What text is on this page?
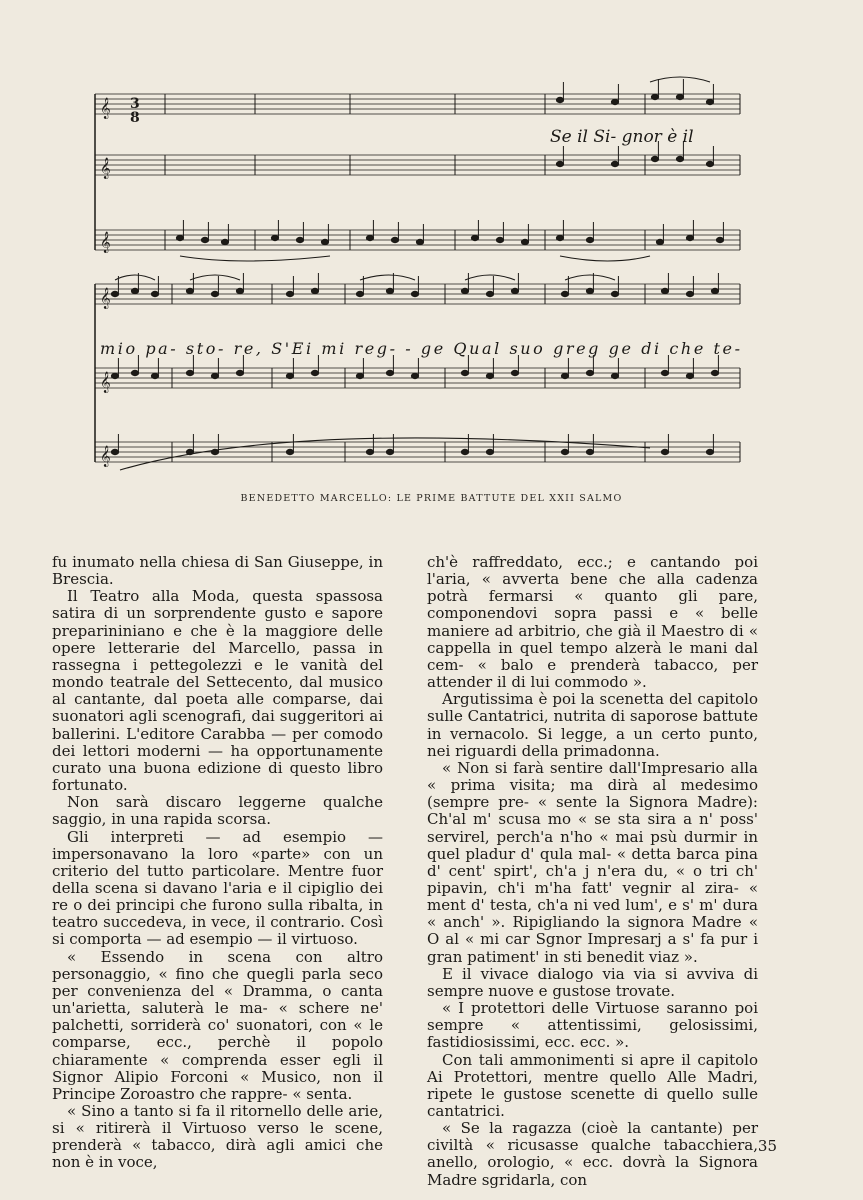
𝄞
𝄞
𝄞
𝄞
𝄞
𝄞
3
8
Se il Si- gnor è il
mio pa- sto- re, S'Ei mi reg- - ge Qual suo greg ge di che te-
BENEDETTO MARCELLO: LE PRIME BATTUTE DEL XXII SALMO

fu inumato nella chiesa di San Giuseppe, in Brescia.

Il Teatro alla Moda, questa spassosa satira di un sorprendente gusto e sapore preparininiano e che è la maggiore delle opere letterarie del Marcello, passa in rassegna i pettegolezzi e le vanità del mondo teatrale del Settecento, dal musico al cantante, dal poeta alle comparse, dai suonatori agli scenografi, dai suggeritori ai ballerini. L'editore Carabba — per comodo dei lettori moderni — ha opportunamente curato una buona edizione di questo libro fortunato.

Non sarà discaro leggerne qualche saggio, in una rapida scorsa.

Gli interpreti — ad esempio — impersonavano la loro «parte» con un criterio del tutto particolare. Mentre fuor della scena si davano l'aria e il cipiglio dei re o dei principi che furono sulla ribalta, in teatro succedeva, in vece, il contrario. Così si comporta — ad esempio — il virtuoso.

« Essendo in scena con altro personaggio, « fino che quegli parla seco per convenienza del « Dramma, o canta un'arietta, saluterà le ma- « schere ne' palchetti, sorriderà co' suonatori, con « le comparse, ecc., perchè il popolo chiaramente « comprenda esser egli il Signor Alipio Forconi « Musico, non il Principe Zoroastro che rappre- « senta.

« Sino a tanto si fa il ritornello delle arie, si « ritirerà il Virtuoso verso le scene, prenderà « tabacco, dirà agli amici che non è in voce,

ch'è raffreddato, ecc.; e cantando poi l'aria, « avverta bene che alla cadenza potrà fermarsi « quanto gli pare, componendovi sopra passi e « belle maniere ad arbitrio, che già il Maestro di « cappella in quel tempo alzerà le mani dal cem- « balo e prenderà tabacco, per attender il di lui commodo ».

Argutissima è poi la scenetta del capitolo sulle Cantatrici, nutrita di saporose battute in vernacolo. Si legge, a un certo punto, nei riguardi della primadonna.

« Non si farà sentire dall'Impresario alla « prima visita; ma dirà al medesimo (sempre pre- « sente la Signora Madre): Ch'al m' scusa mo « se sta sira a n' poss' servirel, perch'a n'ho « mai psù durmir in quel pladur d' qula mal- « detta barca pina d' cent' spirt', ch'a j n'era du, « o tri ch' pipavin, ch'i m'ha fatt' vegnir al zira- « ment d' testa, ch'a ni ved lum', e s' m' dura « anch' ». Ripigliando la signora Madre « O al « mi car Sgnor Impresarj a s' fa pur i gran patiment' in sti benedit viaz ».

E il vivace dialogo via via si avviva di sempre nuove e gustose trovate.

« I protettori delle Virtuose saranno poi sempre « attentissimi, gelosissimi, fastidiosissimi, ecc. ecc. ».

Con tali ammonimenti si apre il capitolo Ai Protettori, mentre quello Alle Madri, ripete le gustose scenette di quello sulle cantatrici.

« Se la ragazza (cioè la cantante) per civiltà « ricusasse qualche tabacchiera, anello, orologio, « ecc. dovrà la Signora Madre sgridarla, con

35
